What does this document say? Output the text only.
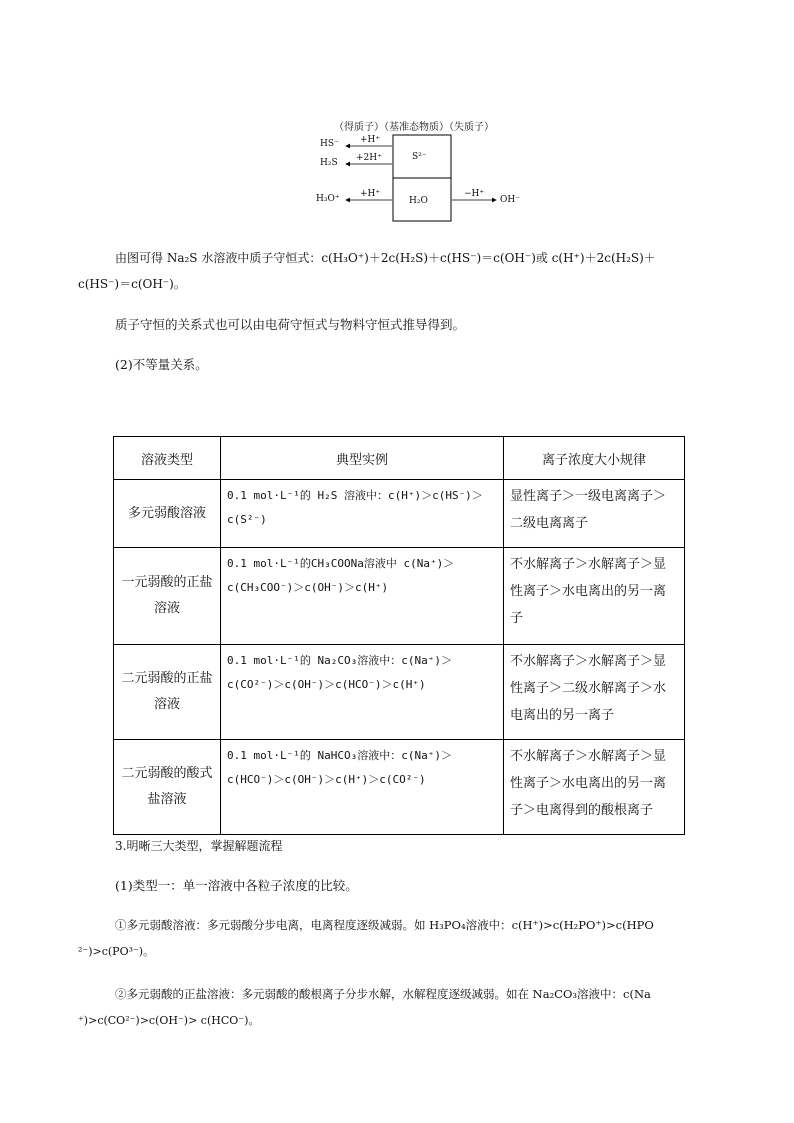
（得质子）（基准态物质）（失质子）
HS⁻
H₂S
H₃O⁺
+H⁺
+2H⁺
+H⁺
S²⁻
H₂O
−H⁺
OH⁻
由图可得 Na₂S 水溶液中质子守恒式：c(H₃O⁺)＋2c(H₂S)＋c(HS⁻)＝c(OH⁻)或 c(H⁺)＋2c(H₂S)＋
c(HS⁻)＝c(OH⁻)。
质子守恒的关系式也可以由电荷守恒式与物料守恒式推导得到。
(2)不等量关系。
溶液类型	典型实例	离子浓度大小规律
多元弱酸溶液	0.1 mol·L⁻¹的 H₂S 溶液中：c(H⁺)＞c(HS⁻)＞c(S²⁻)	显性离子＞一级电离离子＞二级电离离子
一元弱酸的正盐溶液	0.1 mol·L⁻¹的CH₃COONa溶液中 c(Na⁺)＞c(CH₃COO⁻)＞c(OH⁻)＞c(H⁺)	不水解离子＞水解离子＞显性离子＞水电离出的另一离子
二元弱酸的正盐溶液	0.1 mol·L⁻¹的 Na₂CO₃溶液中：c(Na⁺)＞c(CO²⁻)＞c(OH⁻)＞c(HCO⁻)＞c(H⁺)	不水解离子＞水解离子＞显性离子＞二级水解离子＞水电离出的另一离子
二元弱酸的酸式盐溶液	0.1 mol·L⁻¹的 NaHCO₃溶液中：c(Na⁺)＞c(HCO⁻)＞c(OH⁻)＞c(H⁺)＞c(CO²⁻)	不水解离子＞水解离子＞显性离子＞水电离出的另一离子＞电离得到的酸根离子
3.明晰三大类型，掌握解题流程
(1)类型一：单一溶液中各粒子浓度的比较。
①多元弱酸溶液：多元弱酸分步电离，电离程度逐级减弱。如 H₃PO₄溶液中：c(H⁺)>c(H₂PO⁺)>c(HPO
²⁻)>c(PO³⁻)。
②多元弱酸的正盐溶液：多元弱酸的酸根离子分步水解，水解程度逐级减弱。如在 Na₂CO₃溶液中：c(Na
⁺)>c(CO²⁻)>c(OH⁻)> c(HCO⁻)。
